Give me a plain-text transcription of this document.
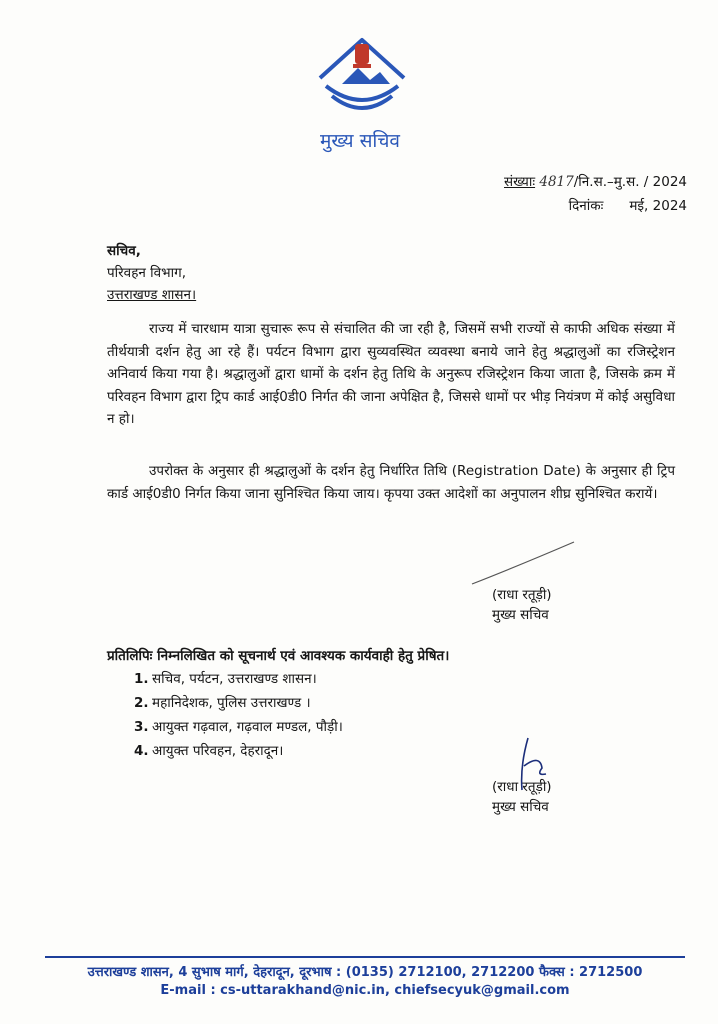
मुख्य सचिव
संख्याः 4817/नि.स.–मु.स. / 2024
दिनांकः मई, 2024
सचिव,
परिवहन विभाग,
उत्तराखण्ड शासन।

राज्य में चारधाम यात्रा सुचारू रूप से संचालित की जा रही है, जिसमें सभी राज्यों से काफी अधिक संख्या में तीर्थयात्री दर्शन हेतु आ रहे हैं। पर्यटन विभाग द्वारा सुव्यवस्थित व्यवस्था बनाये जाने हेतु श्रद्धालुओं का रजिस्ट्रेशन अनिवार्य किया गया है। श्रद्धालुओं द्वारा धामों के दर्शन हेतु तिथि के अनुरूप रजिस्ट्रेशन किया जाता है, जिसके क्रम में परिवहन विभाग द्वारा ट्रिप कार्ड आई0डी0 निर्गत की जाना अपेक्षित है, जिससे धामों पर भीड़ नियंत्रण में कोई असुविधा न हो।

उपरोक्त के अनुसार ही श्रद्धालुओं के दर्शन हेतु निर्धारित तिथि (Registration Date) के अनुसार ही ट्रिप कार्ड आई0डी0 निर्गत किया जाना सुनिश्चित किया जाय। कृपया उक्त आदेशों का अनुपालन शीघ्र सुनिश्चित करायें।

(राधा रतूड़ी)
मुख्य सचिव
प्रतिलिपिः निम्नलिखित को सूचनार्थ एवं आवश्यक कार्यवाही हेतु प्रेषित।
1. सचिव, पर्यटन, उत्तराखण्ड शासन।
2. महानिदेशक, पुलिस उत्तराखण्ड ।
3. आयुक्त गढ़वाल, गढ़वाल मण्डल, पौड़ी।
4. आयुक्त परिवहन, देहरादून।
(राधा रतूड़ी)
मुख्य सचिव
उत्तराखण्ड शासन, 4 सुभाष मार्ग, देहरादून, दूरभाष : (0135) 2712100, 2712200 फैक्स : 2712500
E-mail : cs-uttarakhand@nic.in, chiefsecyuk@gmail.com
